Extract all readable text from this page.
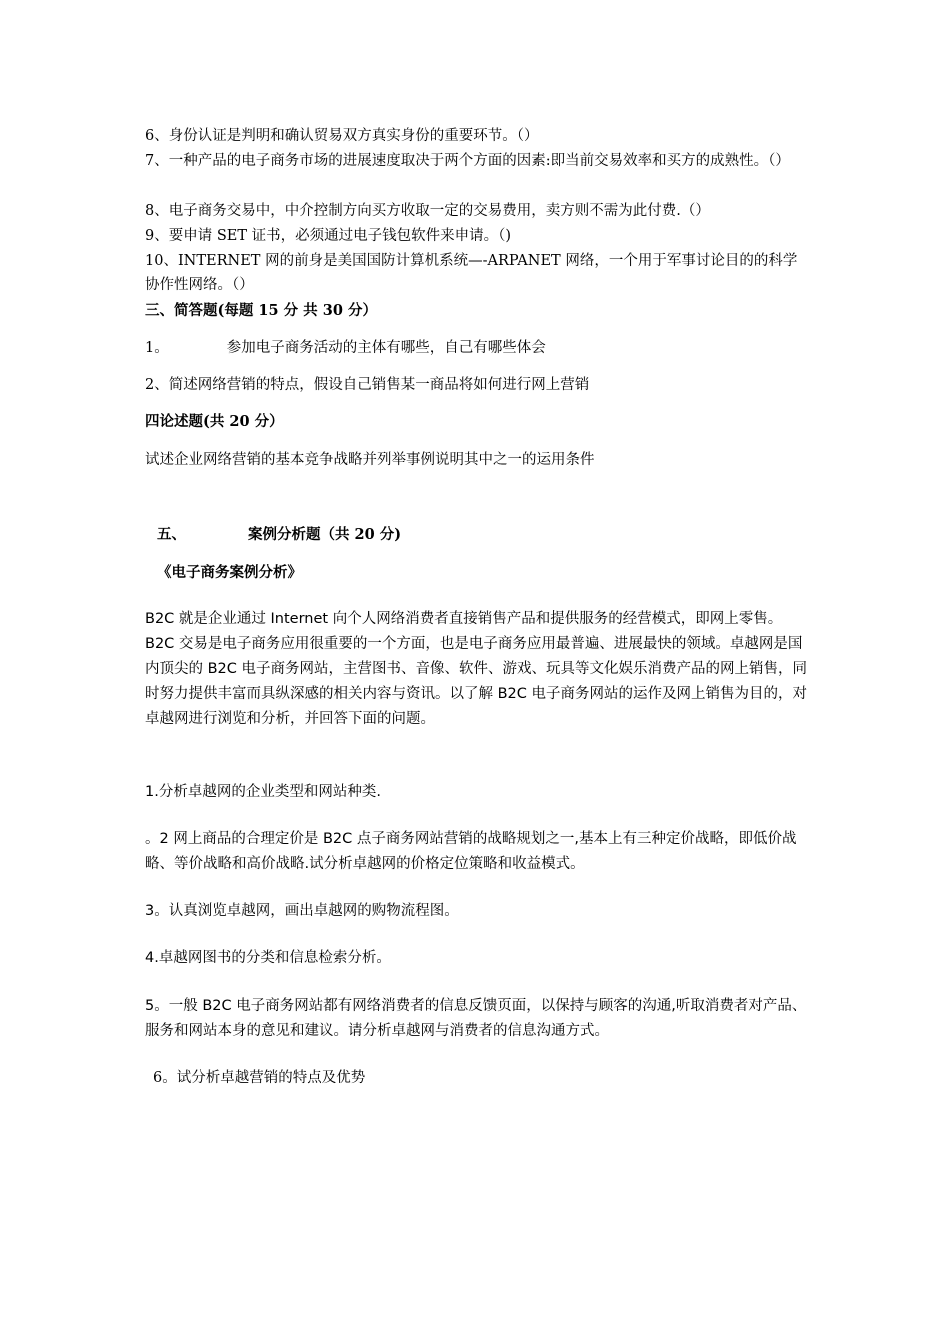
6、身份认证是判明和确认贸易双方真实身份的重要环节。（）

7、一种产品的电子商务市场的进展速度取决于两个方面的因素:即当前交易效率和买方的成熟性。（）

8、电子商务交易中，中介控制方向买方收取一定的交易费用，卖方则不需为此付费.（）

9、要申请 SET 证书，必须通过电子钱包软件来申请。（)

10、INTERNET 网的前身是美国国防计算机系统—-ARPANET 网络，一个用于军事讨论目的的科学协作性网络。（）

三、简答题(每题 15 分 共 30 分）

1。	参加电子商务活动的主体有哪些，自己有哪些体会

2、简述网络营销的特点，假设自己销售某一商品将如何进行网上营销

四论述题(共 20 分）

试述企业网络营销的基本竞争战略并列举事例说明其中之一的运用条件

五、	案例分析题（共 20 分)

《电子商务案例分析》

B2C 就是企业通过 Internet 向个人网络消费者直接销售产品和提供服务的经营模式，即网上零售。B2C 交易是电子商务应用很重要的一个方面，也是电子商务应用最普遍、进展最快的领域。卓越网是国内顶尖的 B2C 电子商务网站，主营图书、音像、软件、游戏、玩具等文化娱乐消费产品的网上销售，同时努力提供丰富而具纵深感的相关内容与资讯。以了解 B2C 电子商务网站的运作及网上销售为目的，对卓越网进行浏览和分析，并回答下面的问题。

1.分析卓越网的企业类型和网站种类.

。2 网上商品的合理定价是 B2C 点子商务网站营销的战略规划之一,基本上有三种定价战略，即低价战略、等价战略和高价战略.试分析卓越网的价格定位策略和收益模式。

3。认真浏览卓越网，画出卓越网的购物流程图。

4.卓越网图书的分类和信息检索分析。

5。一般 B2C 电子商务网站都有网络消费者的信息反馈页面，以保持与顾客的沟通,听取消费者对产品、服务和网站本身的意见和建议。请分析卓越网与消费者的信息沟通方式。

6。试分析卓越营销的特点及优势
